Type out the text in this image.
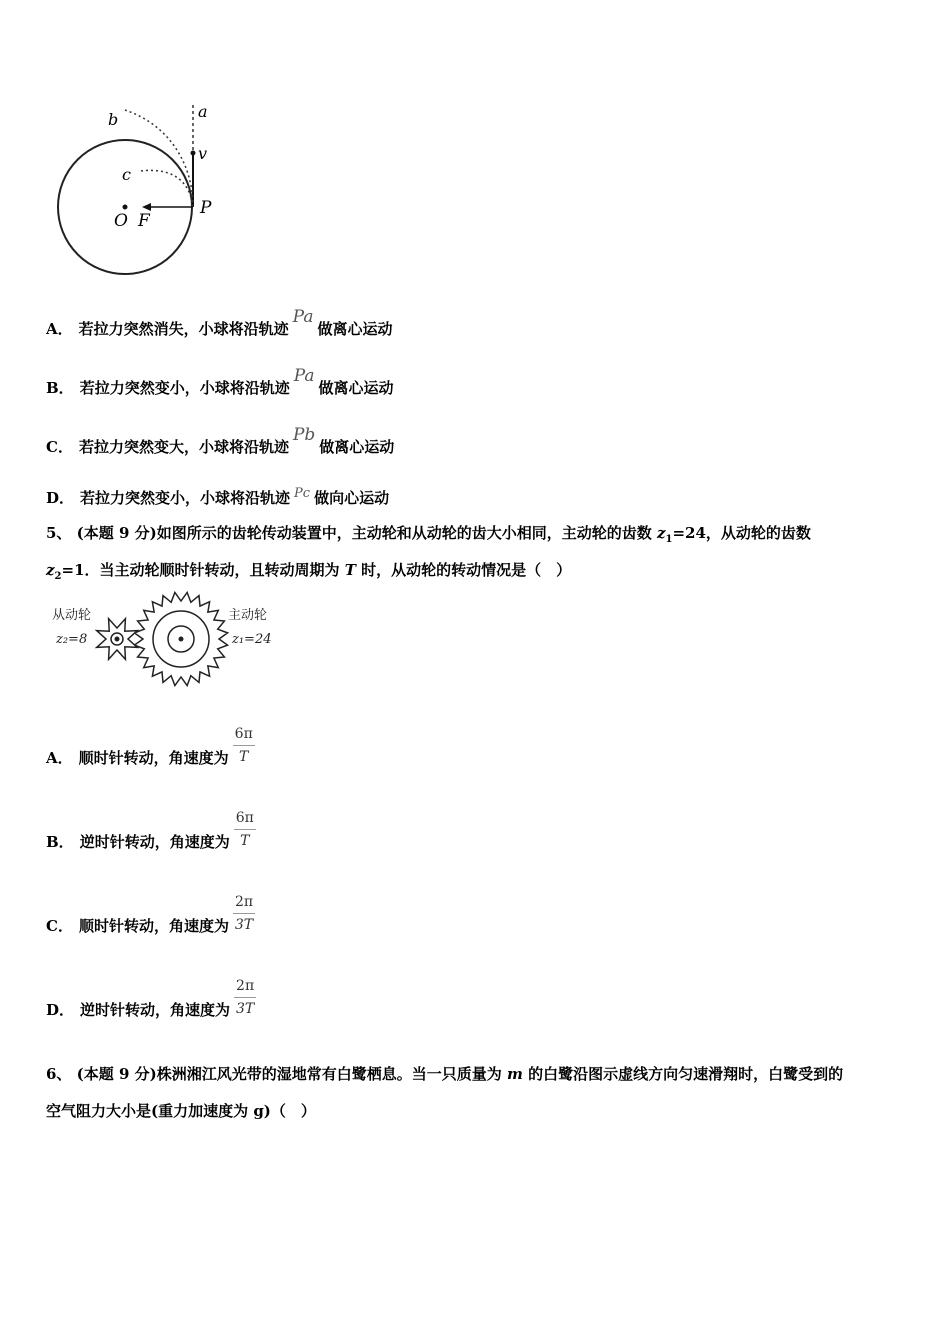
a
b
c
v
O F
P
A． 若拉力突然消失，小球将沿轨迹
Pa
做离心运动
B． 若拉力突然变小，小球将沿轨迹
Pa
做离心运动
C． 若拉力突然变大，小球将沿轨迹
Pb
做离心运动
D． 若拉力突然变小，小球将沿轨迹 Pc 做向心运动
5、 (本题 9 分)如图所示的齿轮传动装置中，主动轮和从动轮的齿大小相同，主动轮的齿数 $z_1=24$，从动轮的齿数
$z_2=1$．当主动轮顺时针转动，且转动周期为 T 时，从动轮的转动情况是（　）
从动轮
z₂=8
主动轮
z₁=24
A． 顺时针转动，角速度为 $\frac{6\pi}{T}$
B． 逆时针转动，角速度为 $\frac{6\pi}{T}$
C． 顺时针转动，角速度为 $\frac{2\pi}{3T}$
D． 逆时针转动，角速度为 $\frac{2\pi}{3T}$
6、 (本题 9 分)株洲湘江风光带的湿地常有白鹭栖息。当一只质量为 m 的白鹭沿图示虚线方向匀速滑翔时，白鹭受到的
空气阻力大小是(重力加速度为 g)（　）
